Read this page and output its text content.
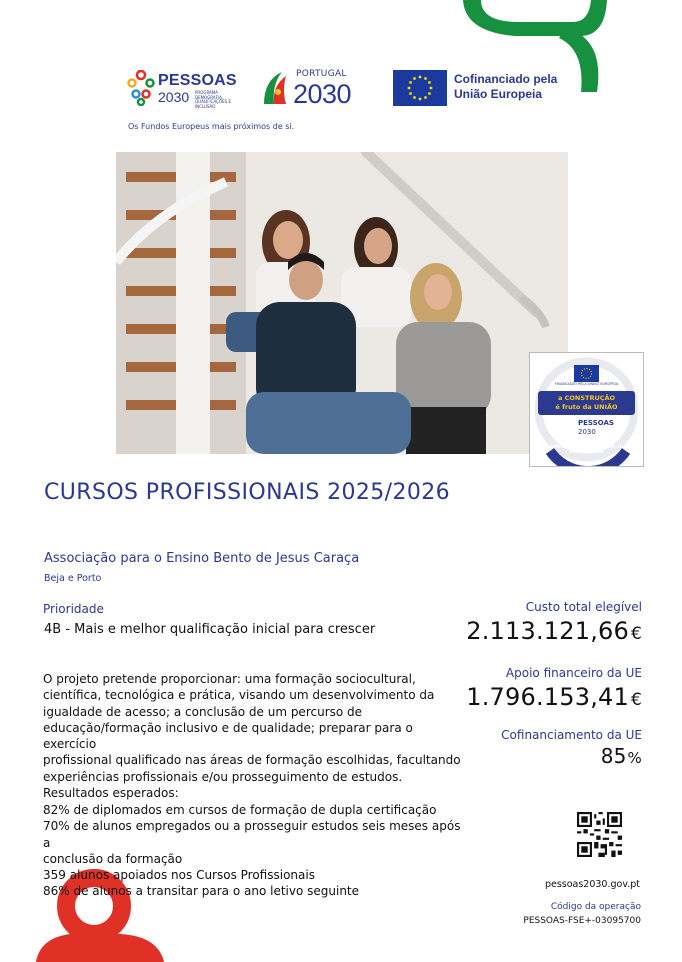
PESSOAS
2030 PROGRAMA DEMOGRAFIA, QUALIFICAÇÕES E INCLUSÃO
Os Fundos Europeus mais próximos de si.
PORTUGAL
2030	Cofinanciado pela
União Europeia
FINANCIADO PELA UNIÃO EUROPEIA
a CONSTRUÇÃO
é fruto da UNIÃO
PESSOAS
2030
OPERAÇÃO DE IMPORTÂNCIA ESTRATÉGICA
CURSOS PROFISSIONAIS 2025/2026
Associação para o Ensino Bento de Jesus Caraça
Beja e Porto
Prioridade
4B - Mais e melhor qualificação inicial para crescer
O projeto pretende proporcionar: uma formação sociocultural,
científica, tecnológica e prática, visando um desenvolvimento da
igualdade de acesso; a conclusão de um percurso de
educação/formação inclusivo e de qualidade; preparar para o exercício
profissional qualificado nas áreas de formação escolhidas, facultando
experiências profissionais e/ou prosseguimento de estudos.
Resultados esperados:
82% de diplomados em cursos de formação de dupla certificação
70% de alunos empregados ou a prosseguir estudos seis meses após a
conclusão da formação
359 alunos apoiados nos Cursos Profissionais
86% de alunos a transitar para o ano letivo seguinte
Custo total elegível
2.113.121,66 €
Apoio financeiro da UE
1.796.153,41 €
Cofinanciamento da UE
85%
pessoas2030.gov.pt
Código da operação
PESSOAS-FSE+-03095700
